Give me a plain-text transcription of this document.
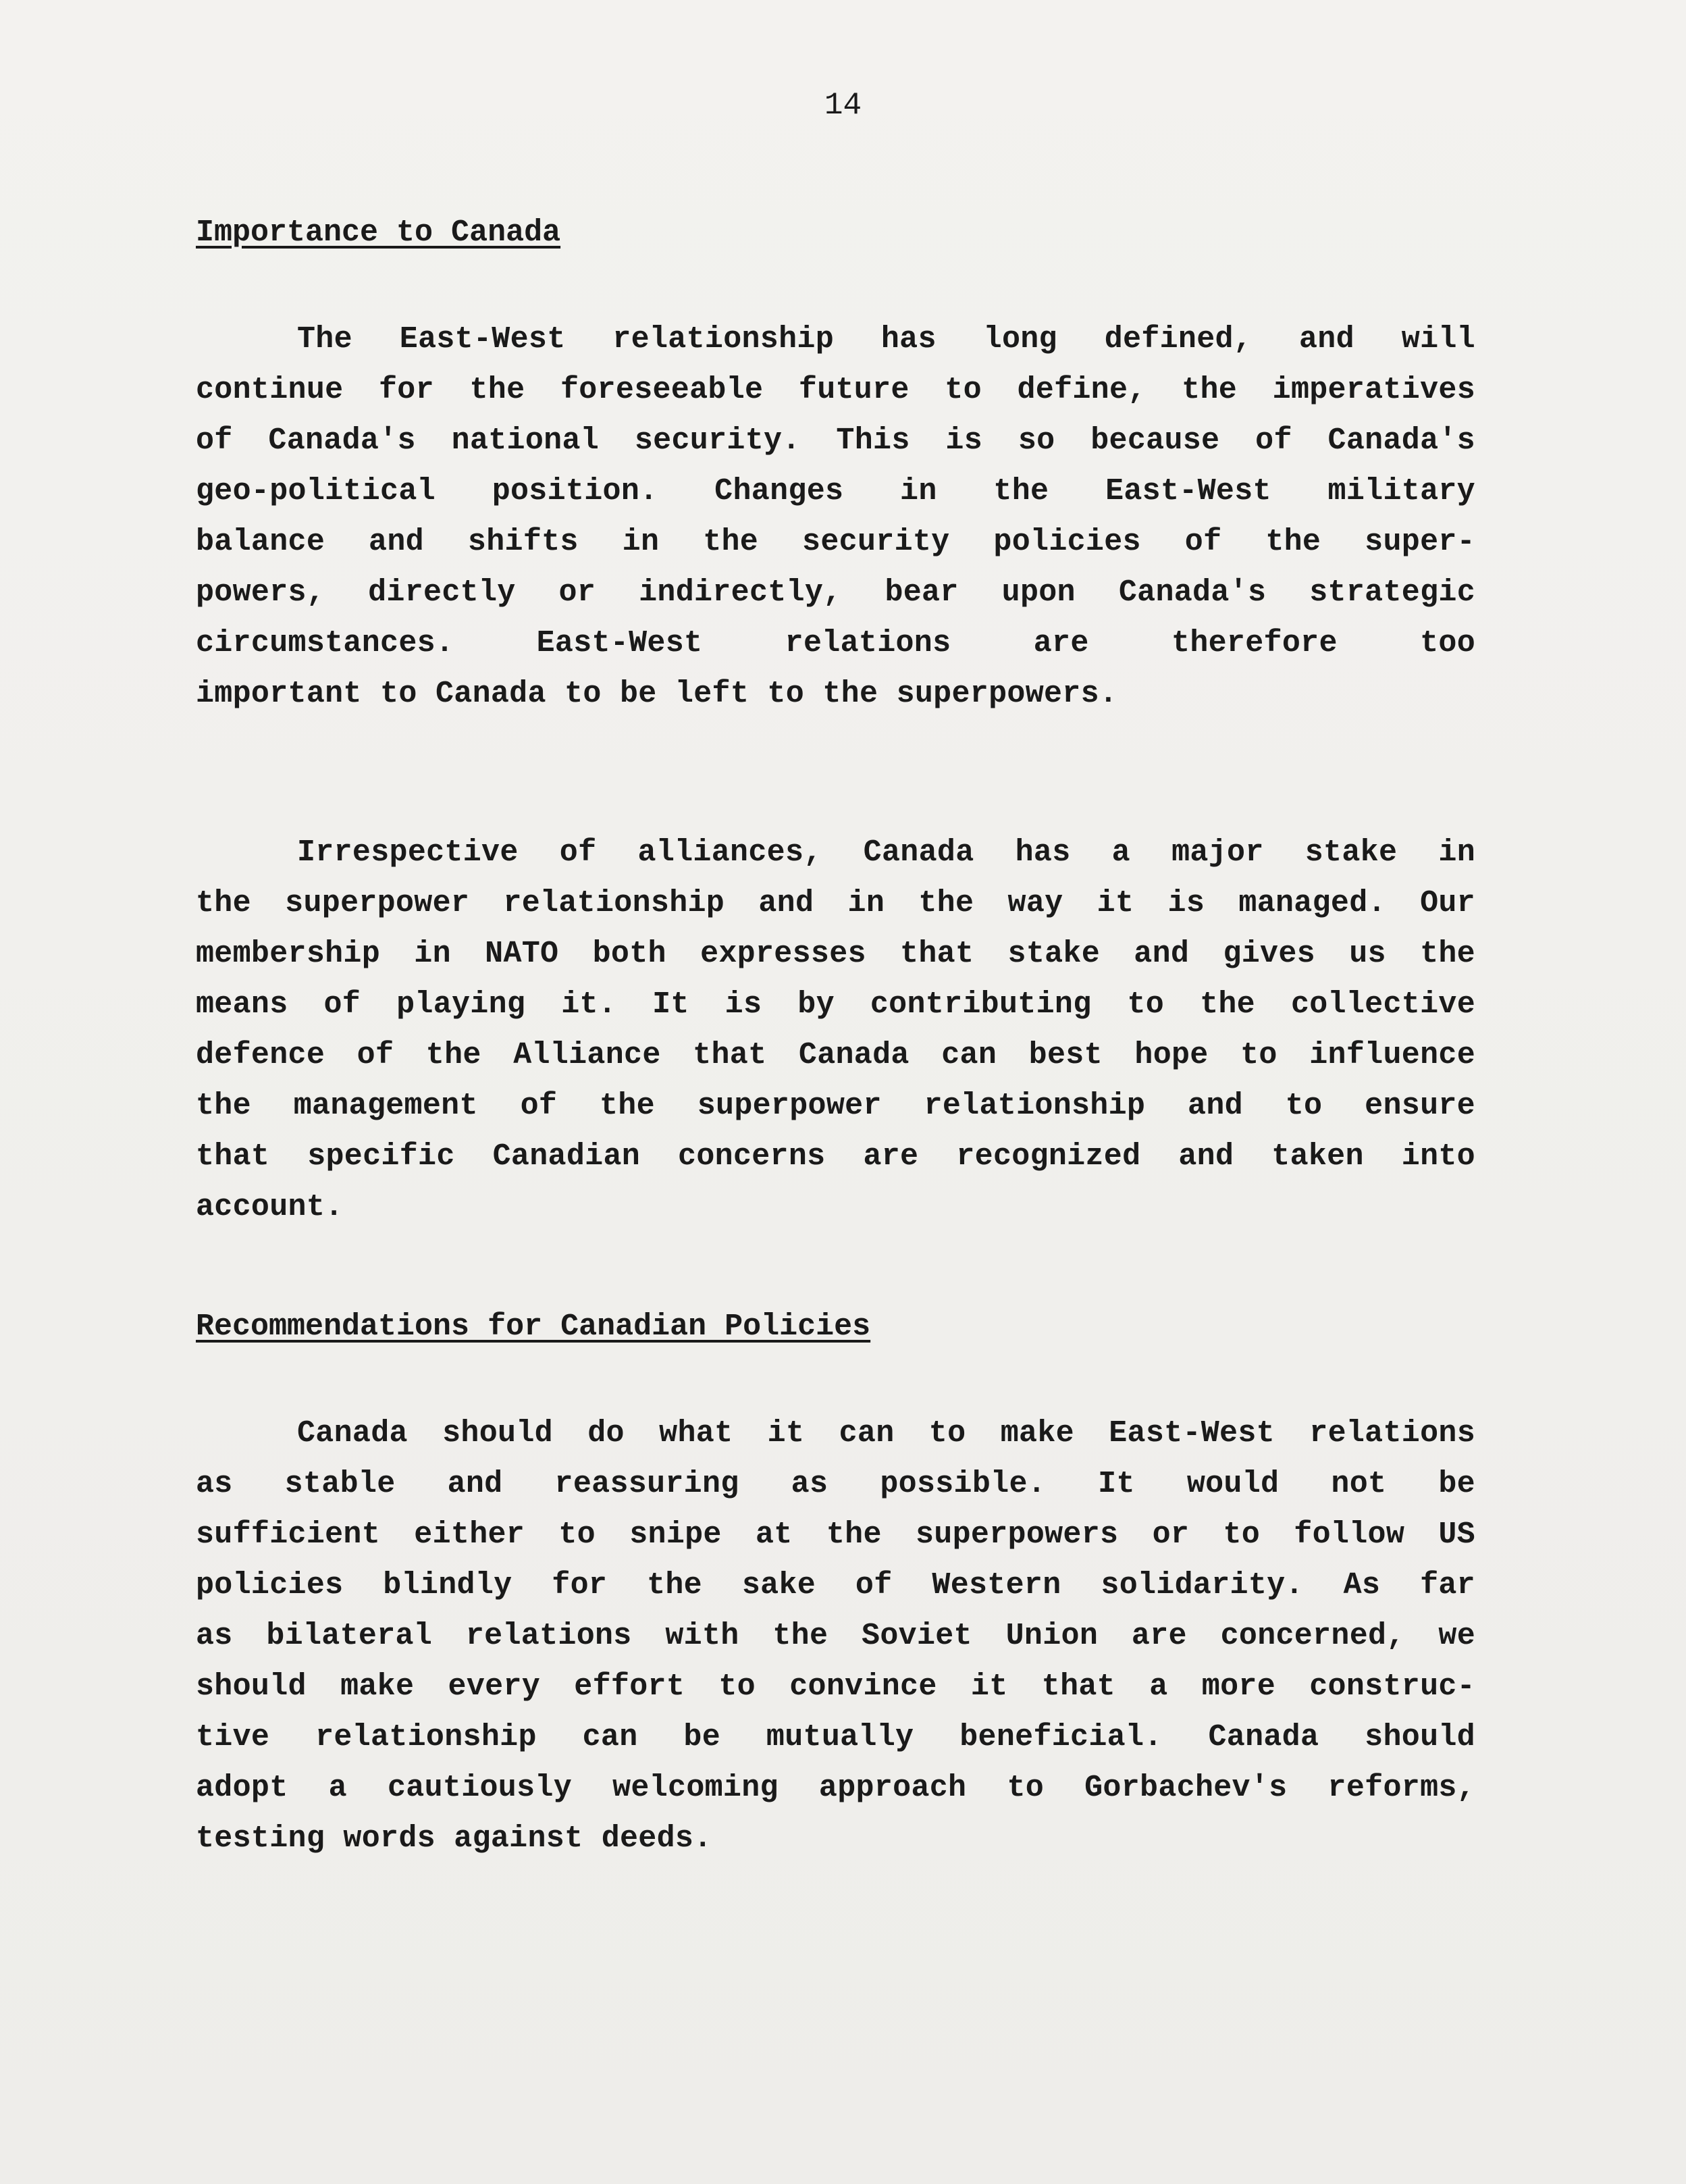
14
Importance to Canada
The East-West relationship has long defined, and will
continue for the foreseeable future to define, the imperatives
of Canada's national security. This is so because of Canada's
geo-political position. Changes in the East-West military
balance and shifts in the security policies of the super-
powers, directly or indirectly, bear upon Canada's strategic
circumstances. East-West relations are therefore too
important to Canada to be left to the superpowers.
Irrespective of alliances, Canada has a major stake in
the superpower relationship and in the way it is managed. Our
membership in NATO both expresses that stake and gives us the
means of playing it. It is by contributing to the collective
defence of the Alliance that Canada can best hope to influence
the management of the superpower relationship and to ensure
that specific Canadian concerns are recognized and taken into
account.
Recommendations for Canadian Policies
Canada should do what it can to make East-West relations
as stable and reassuring as possible. It would not be
sufficient either to snipe at the superpowers or to follow US
policies blindly for the sake of Western solidarity. As far
as bilateral relations with the Soviet Union are concerned, we
should make every effort to convince it that a more construc-
tive relationship can be mutually beneficial. Canada should
adopt a cautiously welcoming approach to Gorbachev's reforms,
testing words against deeds.
